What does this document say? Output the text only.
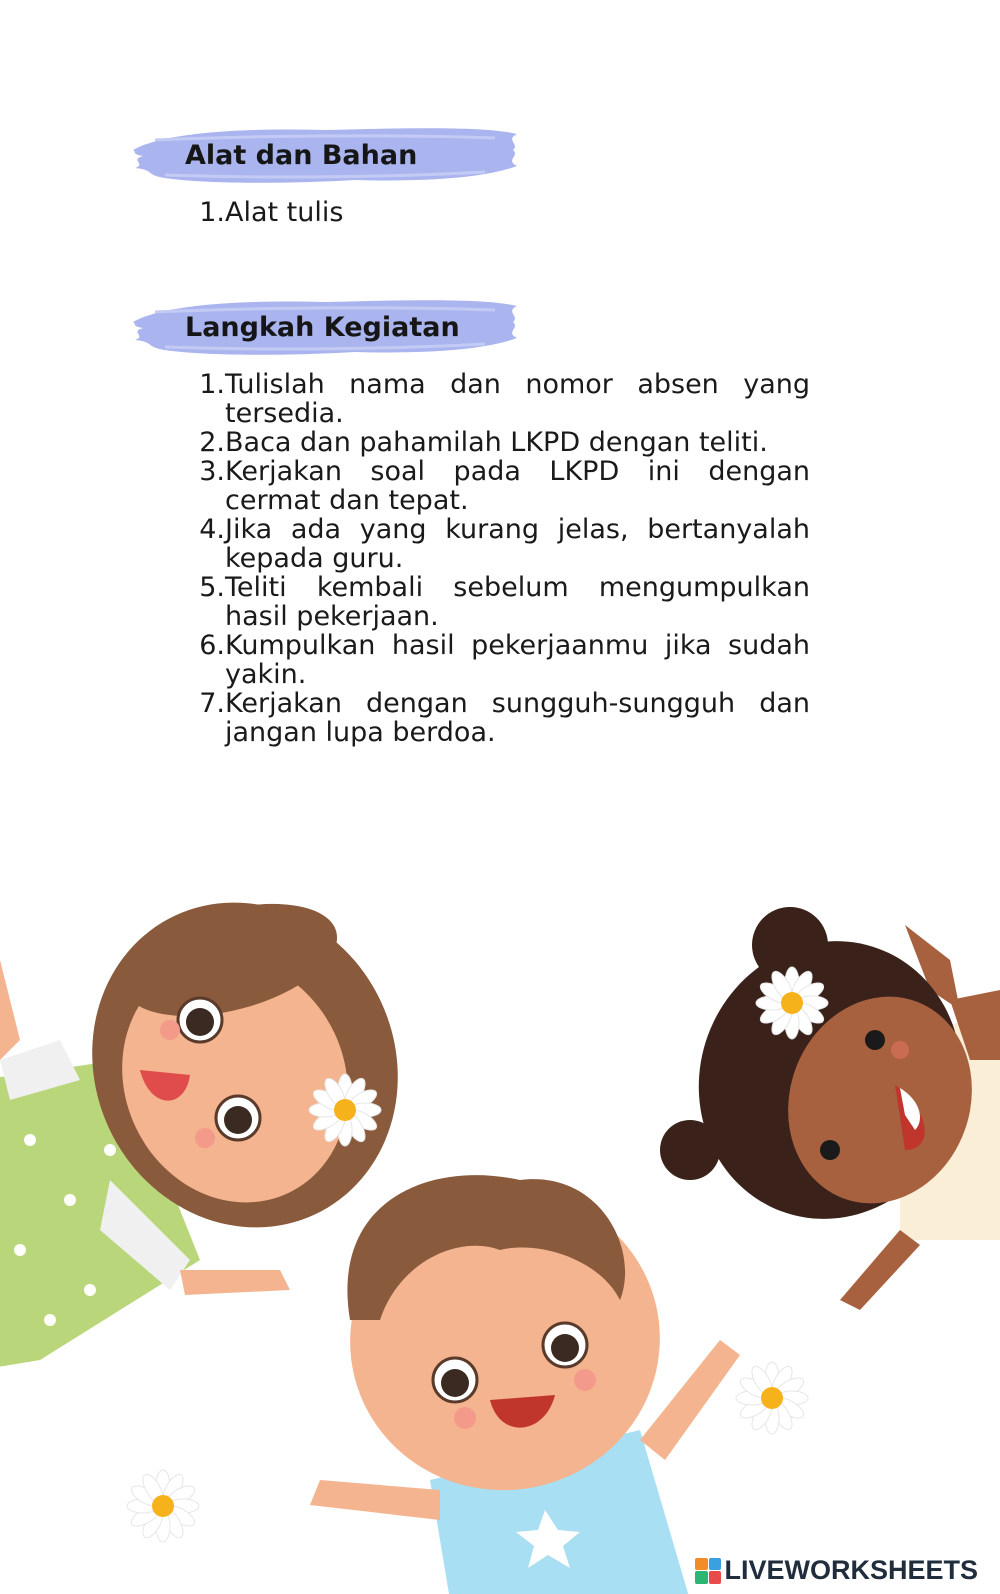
Alat dan Bahan
1. Alat tulis
Langkah Kegiatan
1. Tulislah nama dan nomor absen yang tersedia.
2. Baca dan pahamilah LKPD dengan teliti.
3. Kerjakan soal pada LKPD ini dengan cermat dan tepat.
4. Jika ada yang kurang jelas, bertanyalah kepada guru.
5. Teliti kembali sebelum mengumpulkan hasil pekerjaan.
6. Kumpulkan hasil pekerjaanmu jika sudah yakin.
7. Kerjakan dengan sungguh-sungguh dan jangan lupa berdoa.
LIVEWORKSHEETS
